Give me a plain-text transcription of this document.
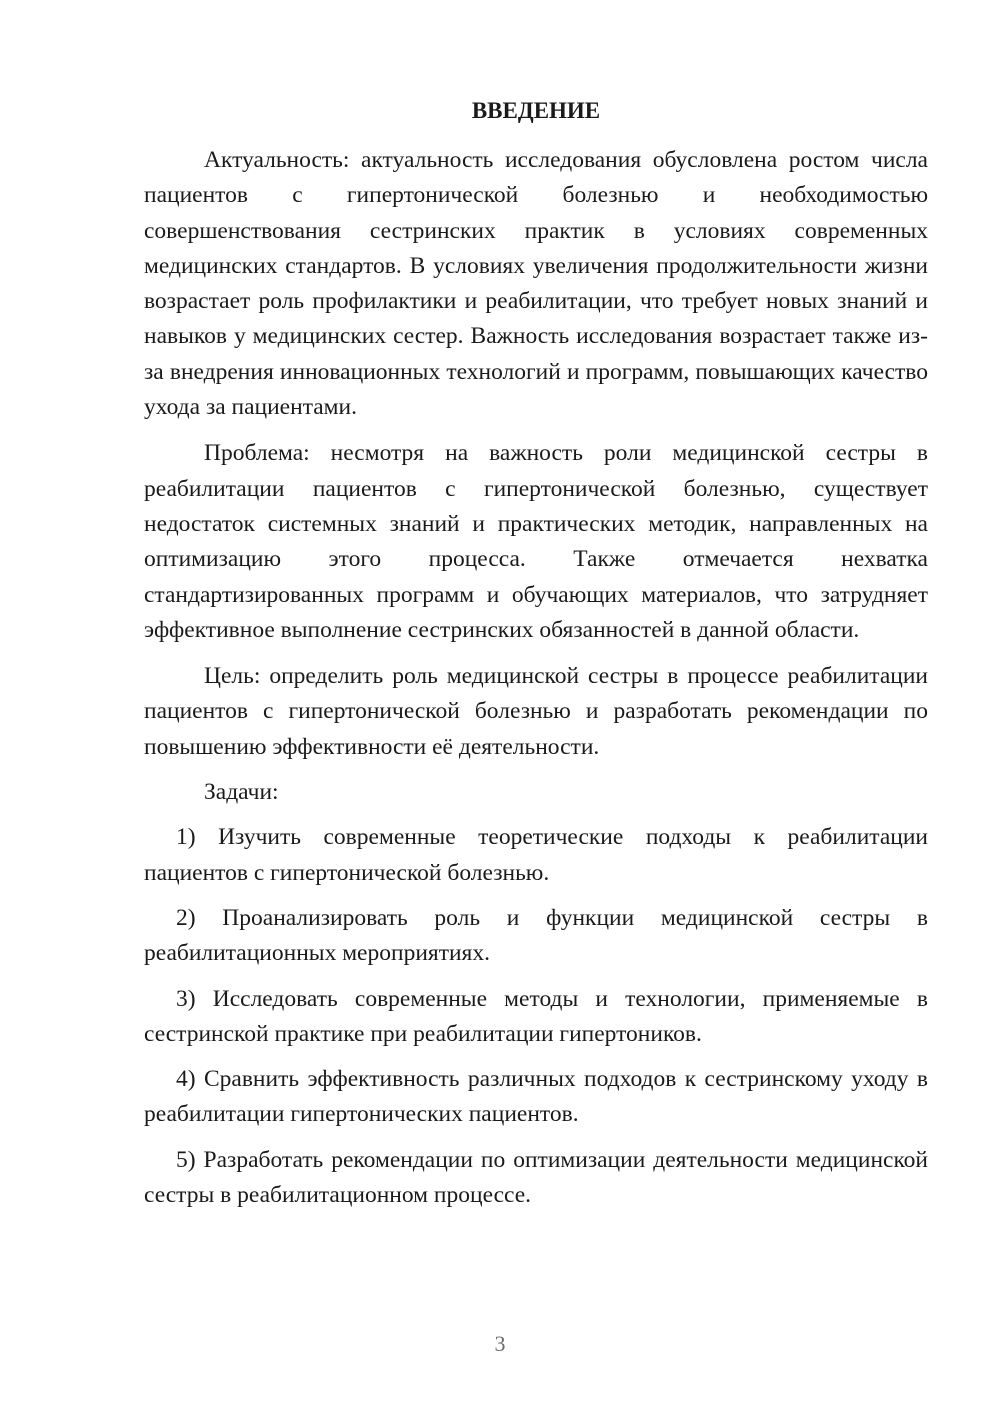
ВВЕДЕНИЕ

Актуальность: актуальность исследования обусловлена ростом числа пациентов с гипертонической болезнью и необходимостью совершенствования сестринских практик в условиях современных медицинских стандартов. В условиях увеличения продолжительности жизни возрастает роль профилактики и реабилитации, что требует новых знаний и навыков у медицинских сестер. Важность исследования возрастает также из-за внедрения инновационных технологий и программ, повышающих качество ухода за пациентами.

Проблема: несмотря на важность роли медицинской сестры в реабилитации пациентов с гипертонической болезнью, существует недостаток системных знаний и практических методик, направленных на оптимизацию этого процесса. Также отмечается нехватка стандартизированных программ и обучающих материалов, что затрудняет эффективное выполнение сестринских обязанностей в данной области.

Цель: определить роль медицинской сестры в процессе реабилитации пациентов с гипертонической болезнью и разработать рекомендации по повышению эффективности её деятельности.

Задачи:

1) Изучить современные теоретические подходы к реабилитации пациентов с гипертонической болезнью.

2) Проанализировать роль и функции медицинской сестры в реабилитационных мероприятиях.

3) Исследовать современные методы и технологии, применяемые в сестринской практике при реабилитации гипертоников.

4) Сравнить эффективность различных подходов к сестринскому уходу в реабилитации гипертонических пациентов.

5) Разработать рекомендации по оптимизации деятельности медицинской сестры в реабилитационном процессе.

3
